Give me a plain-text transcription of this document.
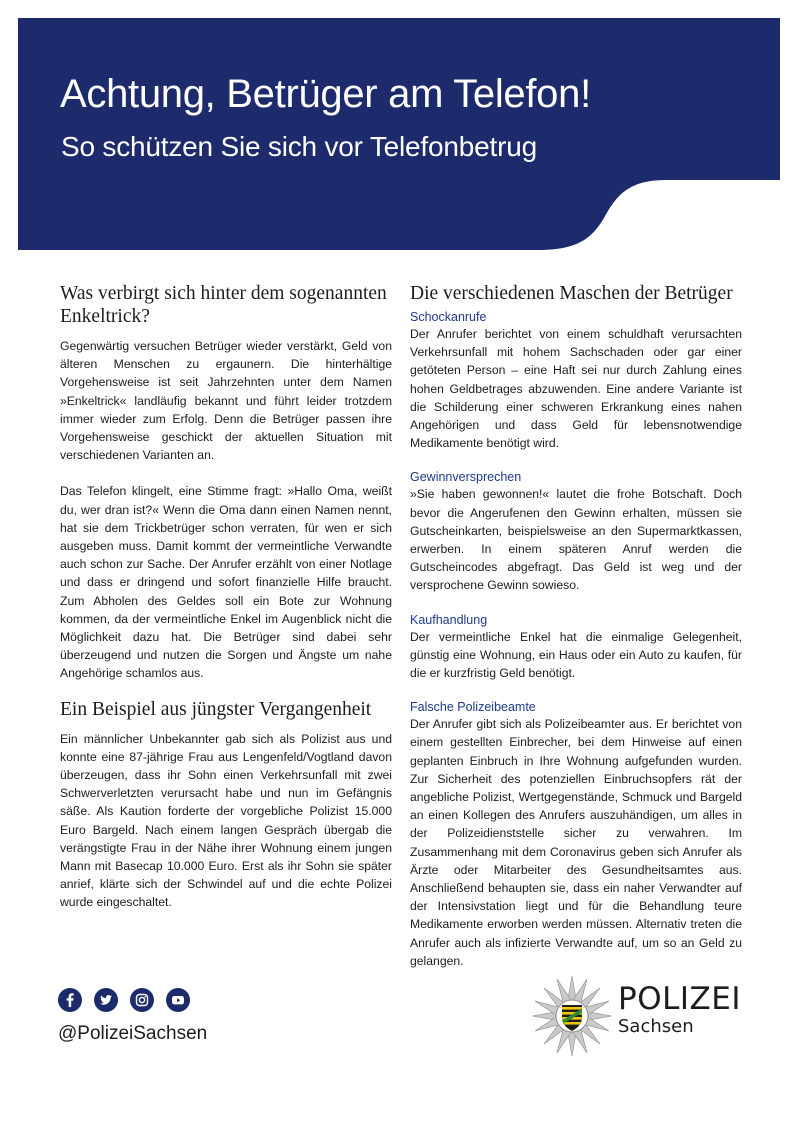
Achtung, Betrüger am Telefon!
So schützen Sie sich vor Telefonbetrug
Was verbirgt sich hinter dem sogenannten Enkeltrick?

Gegenwärtig versuchen Betrüger wieder verstärkt, Geld von älteren Menschen zu ergaunern. Die hinterhältige Vorgehensweise ist seit Jahrzehnten unter dem Namen »Enkeltrick« landläufig bekannt und führt leider trotzdem immer wieder zum Erfolg. Denn die Betrüger passen ihre Vorgehensweise geschickt der aktuellen Situation mit verschiedenen Varianten an.

Das Telefon klingelt, eine Stimme fragt: »Hallo Oma, weißt du, wer dran ist?« Wenn die Oma dann einen Namen nennt, hat sie dem Trickbetrüger schon verraten, für wen er sich ausgeben muss. Damit kommt der vermeintliche Verwandte auch schon zur Sache. Der Anrufer erzählt von einer Notlage und dass er dringend und sofort finanzielle Hilfe braucht. Zum Abholen des Geldes soll ein Bote zur Wohnung kommen, da der vermeintliche Enkel im Augenblick nicht die Möglichkeit dazu hat. Die Betrüger sind dabei sehr überzeugend und nutzen die Sorgen und Ängste um nahe Angehörige schamlos aus.

Ein Beispiel aus jüngster Vergangenheit

Ein männlicher Unbekannter gab sich als Polizist aus und konnte eine 87-jährige Frau aus Lengenfeld/Vogtland davon überzeugen, dass ihr Sohn einen Verkehrsunfall mit zwei Schwerverletzten verursacht habe und nun im Gefängnis säße. Als Kaution forderte der vorgebliche Polizist 15.000 Euro Bargeld. Nach einem langen Gespräch übergab die verängstigte Frau in der Nähe ihrer Wohnung einem jungen Mann mit Basecap 10.000 Euro. Erst als ihr Sohn sie später anrief, klärte sich der Schwindel auf und die echte Polizei wurde eingeschaltet.

Die verschiedenen Maschen der Betrüger
Schockanrufe

Der Anrufer berichtet von einem schuldhaft verursachten Verkehrsunfall mit hohem Sachschaden oder gar einer getöteten Person – eine Haft sei nur durch Zahlung eines hohen Geldbetrages abzuwenden. Eine andere Variante ist die Schilderung einer schweren Erkrankung eines nahen Angehörigen und dass Geld für lebensnotwendige Medikamente benötigt wird.

Gewinnversprechen

»Sie haben gewonnen!« lautet die frohe Botschaft. Doch bevor die Angerufenen den Gewinn erhalten, müssen sie Gutscheinkarten, beispielsweise an den Supermarktkassen, erwerben. In einem späteren Anruf werden die Gutscheincodes abgefragt. Das Geld ist weg und der versprochene Gewinn sowieso.

Kaufhandlung

Der vermeintliche Enkel hat die einmalige Gelegenheit, günstig eine Wohnung, ein Haus oder ein Auto zu kaufen, für die er kurzfristig Geld benötigt.

Falsche Polizeibeamte

Der Anrufer gibt sich als Polizeibeamter aus. Er berichtet von einem gestellten Einbrecher, bei dem Hinweise auf einen geplanten Einbruch in Ihre Wohnung aufgefunden wurden. Zur Sicherheit des potenziellen Einbruchsopfers rät der angebliche Polizist, Wertgegenstände, Schmuck und Bargeld an einen Kollegen des Anrufers auszuhändigen, um alles in der Polizeidienststelle sicher zu verwahren. Im Zusammenhang mit dem Coronavirus geben sich Anrufer als Ärzte oder Mitarbeiter des Gesundheitsamtes aus. Anschließend behaupten sie, dass ein naher Verwandter auf der Intensivstation liegt und für die Behandlung teure Medikamente erworben werden müssen. Alternativ treten die Anrufer auch als infizierte Verwandte auf, um so an Geld zu gelangen.

@PolizeiSachsen
POLIZEI
Sachsen
